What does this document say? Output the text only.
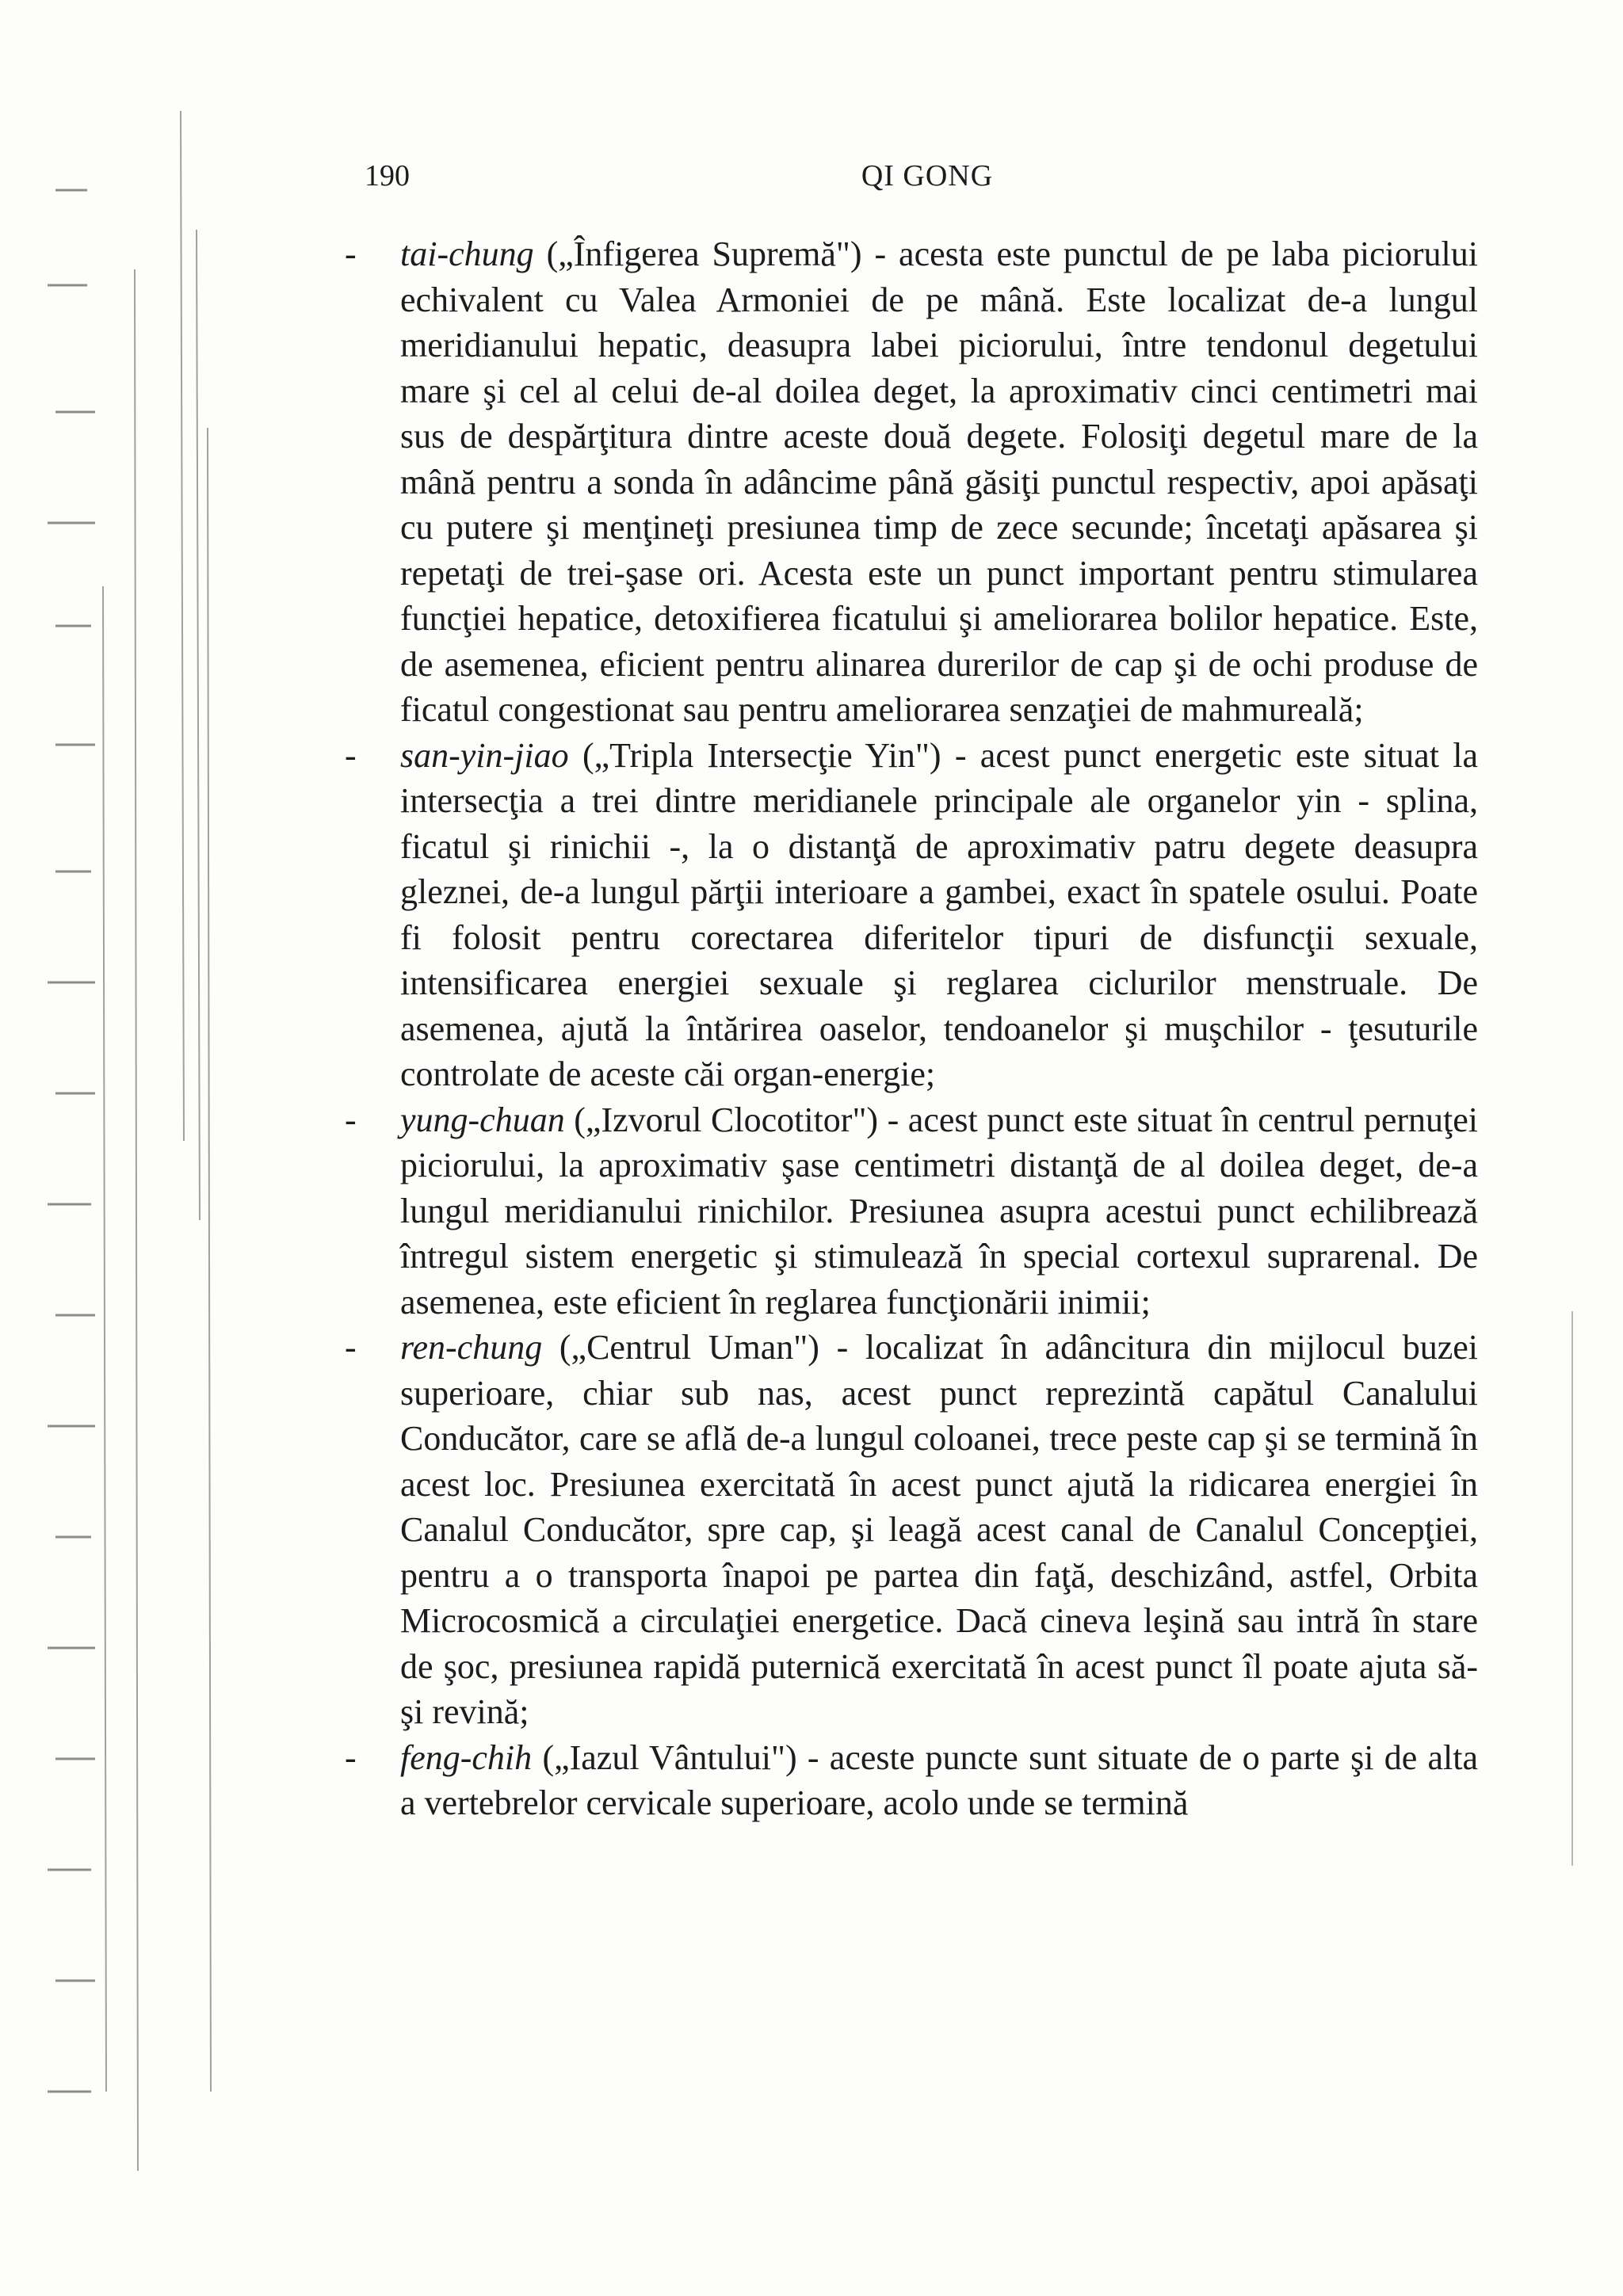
190	QI GONG

- tai-chung („Înfigerea Supremă") - acesta este punctul de pe laba piciorului echivalent cu Valea Armoniei de pe mână. Este localizat de-a lungul meridianului hepatic, deasupra labei piciorului, între tendonul degetului mare şi cel al celui de-al doilea deget, la aproximativ cinci centimetri mai sus de despărţitura dintre aceste două degete. Folosiţi degetul mare de la mână pentru a sonda în adâncime până găsiţi punctul respectiv, apoi apăsaţi cu putere şi menţineţi presiunea timp de zece secunde; încetaţi apăsarea şi repetaţi de trei-şase ori. Acesta este un punct important pentru stimularea funcţiei hepatice, detoxifierea ficatului şi ameliorarea bolilor hepatice. Este, de asemenea, eficient pentru alinarea durerilor de cap şi de ochi produse de ficatul congestionat sau pentru ameliorarea senzaţiei de mahmureală;

- san-yin-jiao („Tripla Intersecţie Yin") - acest punct energetic este situat la intersecţia a trei dintre meridianele principale ale organelor yin - splina, ficatul şi rinichii -, la o distanţă de aproximativ patru degete deasupra gleznei, de-a lungul părţii interioare a gambei, exact în spatele osului. Poate fi folosit pentru corectarea diferitelor tipuri de disfuncţii sexuale, intensificarea energiei sexuale şi reglarea ciclurilor menstruale. De asemenea, ajută la întărirea oaselor, tendoanelor şi muşchilor - ţesuturile controlate de aceste căi organ-energie;

- yung-chuan („Izvorul Clocotitor") - acest punct este situat în centrul pernuţei piciorului, la aproximativ şase centimetri distanţă de al doilea deget, de-a lungul meridianului rinichilor. Presiunea asupra acestui punct echilibrează întregul sistem energetic şi stimulează în special cortexul suprarenal. De asemenea, este eficient în reglarea funcţionării inimii;

- ren-chung („Centrul Uman") - localizat în adâncitura din mijlocul buzei superioare, chiar sub nas, acest punct reprezintă capătul Canalului Conducător, care se află de-a lungul coloanei, trece peste cap şi se termină în acest loc. Presiunea exercitată în acest punct ajută la ridicarea energiei în Canalul Conducător, spre cap, şi leagă acest canal de Canalul Concepţiei, pentru a o transporta înapoi pe partea din faţă, deschizând, astfel, Orbita Microcosmică a circulaţiei energetice. Dacă cineva leşină sau intră în stare de şoc, presiunea rapidă puternică exercitată în acest punct îl poate ajuta să-şi revină;

- feng-chih („Iazul Vântului") - aceste puncte sunt situate de o parte şi de alta a vertebrelor cervicale superioare, acolo unde se termină
